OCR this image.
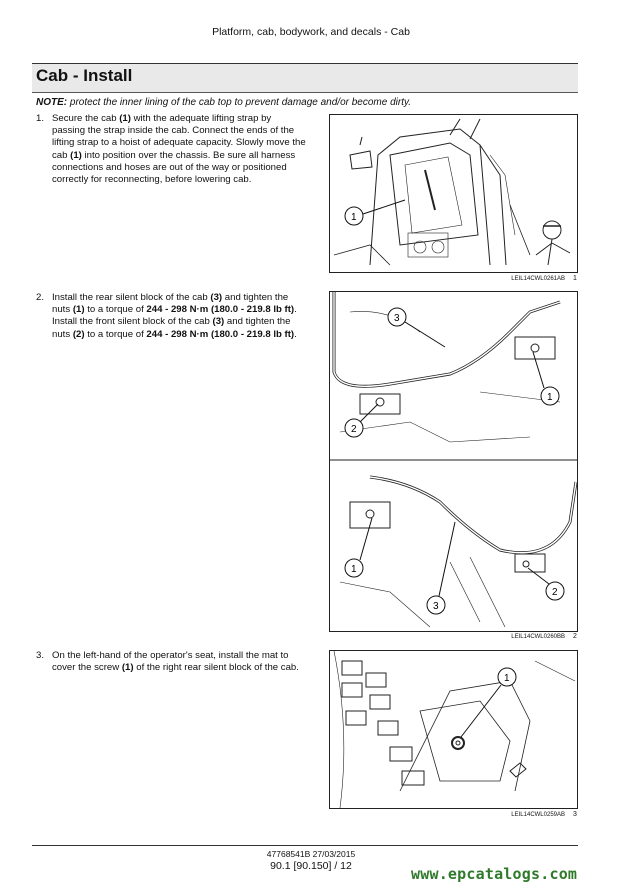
Platform, cab, bodywork, and decals - Cab
Cab - Install
NOTE: protect the inner lining of the cab top to prevent damage and/or become dirty.
1. Secure the cab (1) with the adequate lifting strap by passing the strap inside the cab. Connect the ends of the lifting strap to a hoist of adequate capacity. Slowly move the cab (1) into position over the chassis. Be sure all harness connections and hoses are out of the way or positioned correctly for reconnecting, before lowering cab.

2. Install the rear silent block of the cab (3) and tighten the nuts (1) to a torque of 244 - 298 N·m (180.0 - 219.8 lb ft).

Install the front silent block of the cab (3) and tighten the nuts (2) to a torque of 244 - 298 N·m (180.0 - 219.8 lb ft).

3. On the left-hand of the operator's seat, install the mat to cover the screw (1) of the right rear silent block of the cab.

1
LEIL14CWL0261AB 1
3
1
2
1
3
2
LEIL14CWL0260BB 2
1
LEIL14CWL0259AB 3
47768541B 27/03/2015
90.1 [90.150] / 12	www.epcatalogs.com
